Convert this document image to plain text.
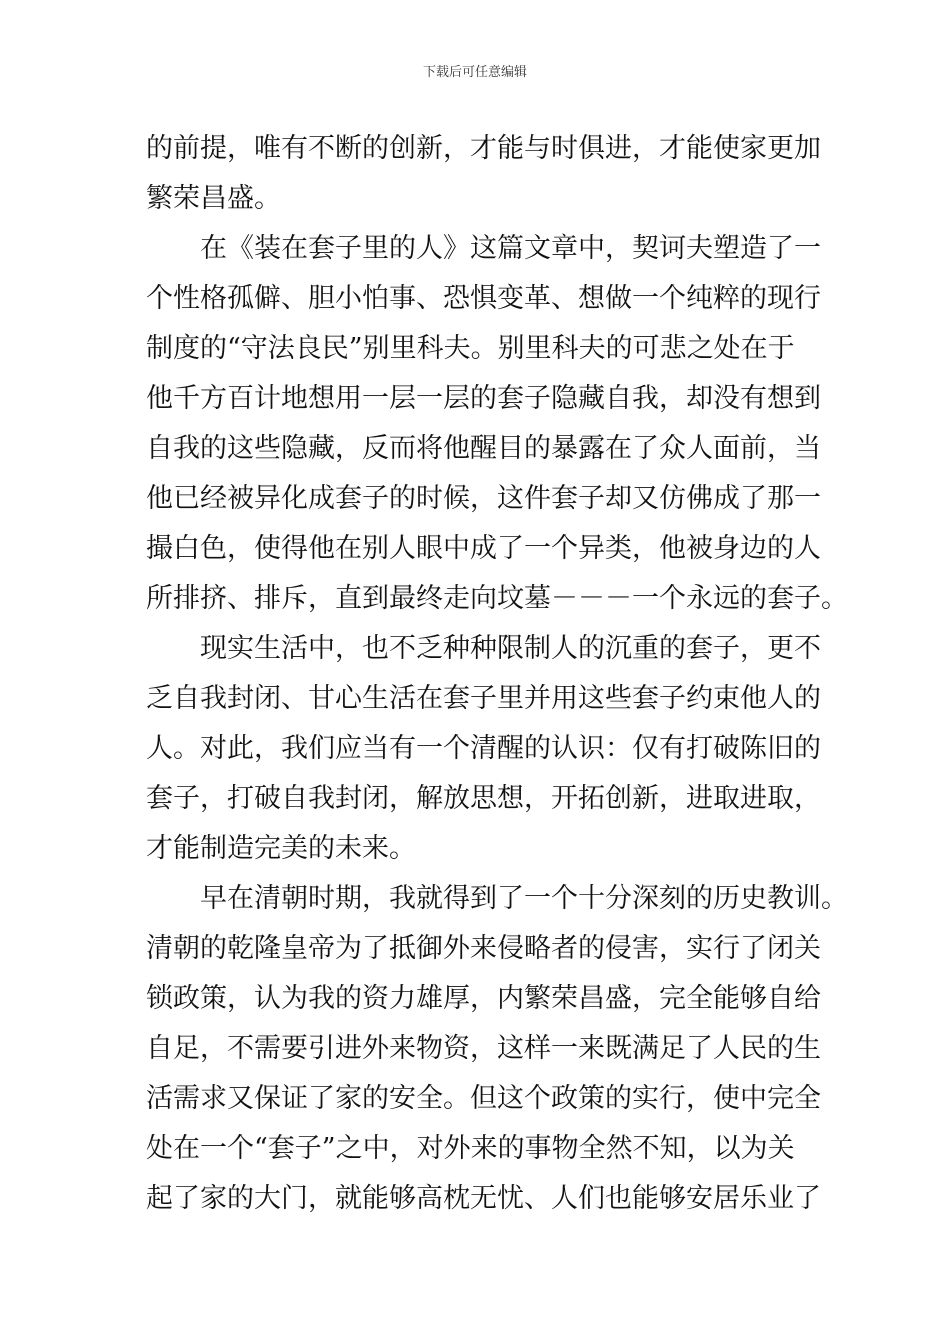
下载后可任意编辑
的前提，唯有不断的创新，才能与时俱进，才能使家更加
繁荣昌盛。
在《装在套子里的人》这篇文章中，契诃夫塑造了一
个性格孤僻、胆小怕事、恐惧变革、想做一个纯粹的现行
制度的“守法良民”别里科夫。别里科夫的可悲之处在于
他千方百计地想用一层一层的套子隐藏自我，却没有想到
自我的这些隐藏，反而将他醒目的暴露在了众人面前，当
他已经被异化成套子的时候，这件套子却又仿佛成了那一
撮白色，使得他在别人眼中成了一个异类，他被身边的人
所排挤、排斥，直到最终走向坟墓－－－一个永远的套子。
现实生活中，也不乏种种限制人的沉重的套子，更不
乏自我封闭、甘心生活在套子里并用这些套子约束他人的
人。对此，我们应当有一个清醒的认识：仅有打破陈旧的
套子，打破自我封闭，解放思想，开拓创新，进取进取，
才能制造完美的未来。
早在清朝时期，我就得到了一个十分深刻的历史教训。
清朝的乾隆皇帝为了抵御外来侵略者的侵害，实行了闭关
锁政策，认为我的资力雄厚，内繁荣昌盛，完全能够自给
自足，不需要引进外来物资，这样一来既满足了人民的生
活需求又保证了家的安全。但这个政策的实行，使中完全
处在一个“套子”之中，对外来的事物全然不知，以为关
起了家的大门，就能够高枕无忧、人们也能够安居乐业了
